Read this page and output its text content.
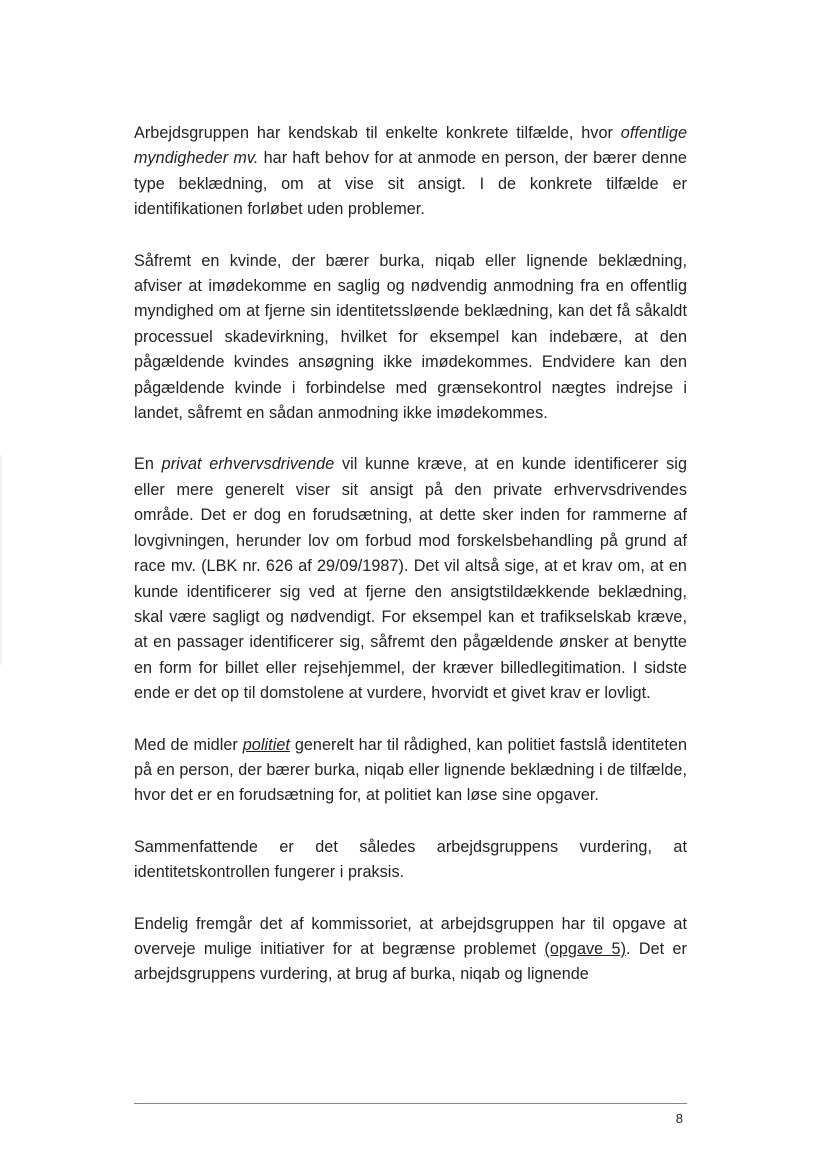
Arbejdsgruppen har kendskab til enkelte konkrete tilfælde, hvor offentlige myndigheder mv. har haft behov for at anmode en person, der bærer denne type beklædning, om at vise sit ansigt. I de konkrete tilfælde er identifikationen forløbet uden problemer.

Såfremt en kvinde, der bærer burka, niqab eller lignende beklædning, afviser at imødekomme en saglig og nødvendig anmodning fra en offentlig myndighed om at fjerne sin identitetssløende beklædning, kan det få såkaldt processuel skadevirkning, hvilket for eksempel kan indebære, at den pågældende kvindes ansøgning ikke imødekommes. Endvidere kan den pågældende kvinde i forbindelse med grænsekontrol nægtes indrejse i landet, såfremt en sådan anmodning ikke imødekommes.

En privat erhvervsdrivende vil kunne kræve, at en kunde identificerer sig eller mere generelt viser sit ansigt på den private erhvervsdrivendes område. Det er dog en forudsætning, at dette sker inden for rammerne af lovgivningen, herunder lov om forbud mod forskelsbehandling på grund af race mv. (LBK nr. 626 af 29/09/1987). Det vil altså sige, at et krav om, at en kunde identificerer sig ved at fjerne den ansigtstildækkende beklædning, skal være sagligt og nødvendigt. For eksempel kan et trafikselskab kræve, at en passager identificerer sig, såfremt den pågældende ønsker at benytte en form for billet eller rejsehjemmel, der kræver billedlegitimation. I sidste ende er det op til domstolene at vurdere, hvorvidt et givet krav er lovligt.

Med de midler politiet generelt har til rådighed, kan politiet fastslå identiteten på en person, der bærer burka, niqab eller lignende beklædning i de tilfælde, hvor det er en forudsætning for, at politiet kan løse sine opgaver.

Sammenfattende er det således arbejdsgruppens vurdering, at identitetskontrollen fungerer i praksis.

Endelig fremgår det af kommissoriet, at arbejdsgruppen har til opgave at overveje mulige initiativer for at begrænse problemet (opgave 5). Det er arbejdsgruppens vurdering, at brug af burka, niqab og lignende

8
